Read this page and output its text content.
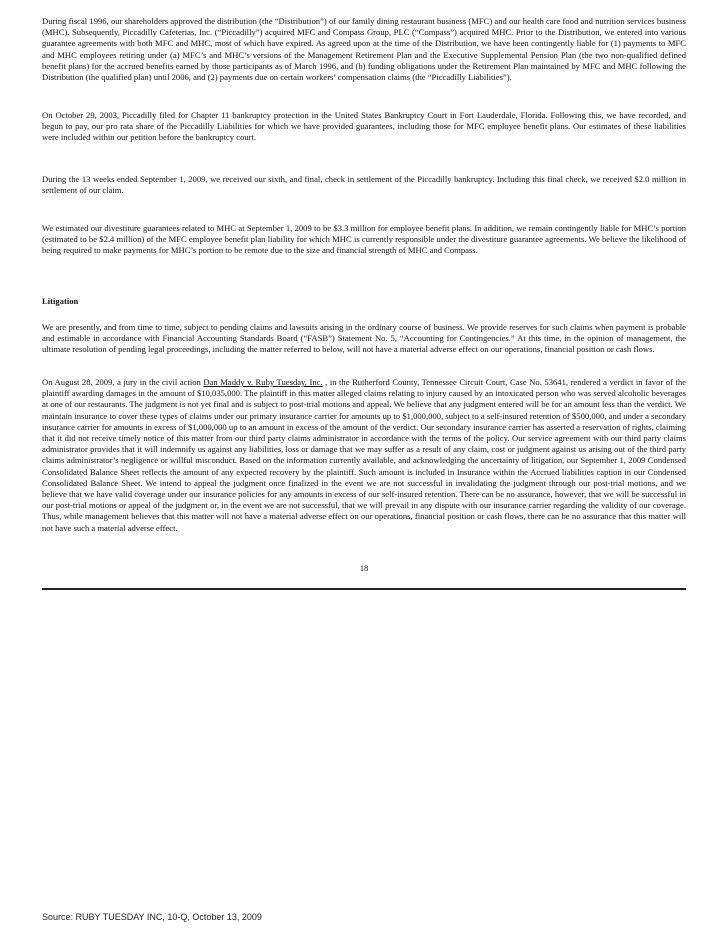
During fiscal 1996, our shareholders approved the distribution (the “Distribution”) of our family dining restaurant business (MFC) and our health care food and nutrition services business (MHC). Subsequently, Piccadilly Cafeterias, Inc. (“Piccadilly”) acquired MFC and Compass Group, PLC (“Compass”) acquired MHC. Prior to the Distribution, we entered into various guarantee agreements with both MFC and MHC, most of which have expired. As agreed upon at the time of the Distribution, we have been contingently liable for (1) payments to MFC and MHC employees retiring under (a) MFC’s and MHC’s versions of the Management Retirement Plan and the Executive Supplemental Pension Plan (the two non-qualified defined benefit plans) for the accrued benefits earned by those participants as of March 1996, and (b) funding obligations under the Retirement Plan maintained by MFC and MHC following the Distribution (the qualified plan) until 2006, and (2) payments due on certain workers’ compensation claims (the “Piccadilly Liabilities”).

On October 29, 2003, Piccadilly filed for Chapter 11 bankruptcy protection in the United States Bankruptcy Court in Fort Lauderdale, Florida. Following this, we have recorded, and begun to pay, our pro rata share of the Piccadilly Liabilities for which we have provided guarantees, including those for MFC employee benefit plans. Our estimates of these liabilities were included within our petition before the bankruptcy court.

During the 13 weeks ended September 1, 2009, we received our sixth, and final, check in settlement of the Piccadilly bankruptcy. Including this final check, we received $2.0 million in settlement of our claim.

We estimated our divestiture guarantees related to MHC at September 1, 2009 to be $3.3 million for employee benefit plans. In addition, we remain contingently liable for MHC’s portion (estimated to be $2.4 million) of the MFC employee benefit plan liability for which MHC is currently responsible under the divestiture guarantee agreements. We believe the likelihood of being required to make payments for MHC’s portion to be remote due to the size and financial strength of MHC and Compass.

Litigation

We are presently, and from time to time, subject to pending claims and lawsuits arising in the ordinary course of business. We provide reserves for such claims when payment is probable and estimable in accordance with Financial Accounting Standards Board (“FASB”) Statement No. 5, “Accounting for Contingencies.” At this time, in the opinion of management, the ultimate resolution of pending legal proceedings, including the matter referred to below, will not have a material adverse effect on our operations, financial position or cash flows.

On August 28, 2009, a jury in the civil action Dan Maddy v. Ruby Tuesday, Inc. , in the Rutherford County, Tennessee Circuit Court, Case No. 53641, rendered a verdict in favor of the plaintiff awarding damages in the amount of $10,035,000. The plaintiff in this matter alleged claims relating to injury caused by an intoxicated person who was served alcoholic beverages at one of our restaurants. The judgment is not yet final and is subject to post-trial motions and appeal. We believe that any judgment entered will be for an amount less than the verdict. We maintain insurance to cover these types of claims under our primary insurance carrier for amounts up to $1,000,000, subject to a self-insured retention of $500,000, and under a secondary insurance carrier for amounts in excess of $1,000,000 up to an amount in excess of the amount of the verdict. Our secondary insurance carrier has asserted a reservation of rights, claiming that it did not receive timely notice of this matter from our third party claims administrator in accordance with the terms of the policy. Our service agreement with our third party claims administrator provides that it will indemnify us against any liabilities, loss or damage that we may suffer as a result of any claim, cost or judgment against us arising out of the third party claims administrator’s negligence or willful misconduct. Based on the information currently available, and acknowledging the uncertainty of litigation, our September 1, 2009 Condensed Consolidated Balance Sheet reflects the amount of any expected recovery by the plaintiff. Such amount is included in Insurance within the Accrued liabilities caption in our Condensed Consolidated Balance Sheet. We intend to appeal the judgment once finalized in the event we are not successful in invalidating the judgment through our post-trial motions, and we believe that we have valid coverage under our insurance policies for any amounts in excess of our self-insured retention. There can be no assurance, however, that we will be successful in our post-trial motions or appeal of the judgment or, in the event we are not successful, that we will prevail in any dispute with our insurance carrier regarding the validity of our coverage. Thus, while management believes that this matter will not have a material adverse effect on our operations, financial position or cash flows, there can be no assurance that this matter will not have such a material adverse effect.

18
Source: RUBY TUESDAY INC, 10-Q, October 13, 2009
